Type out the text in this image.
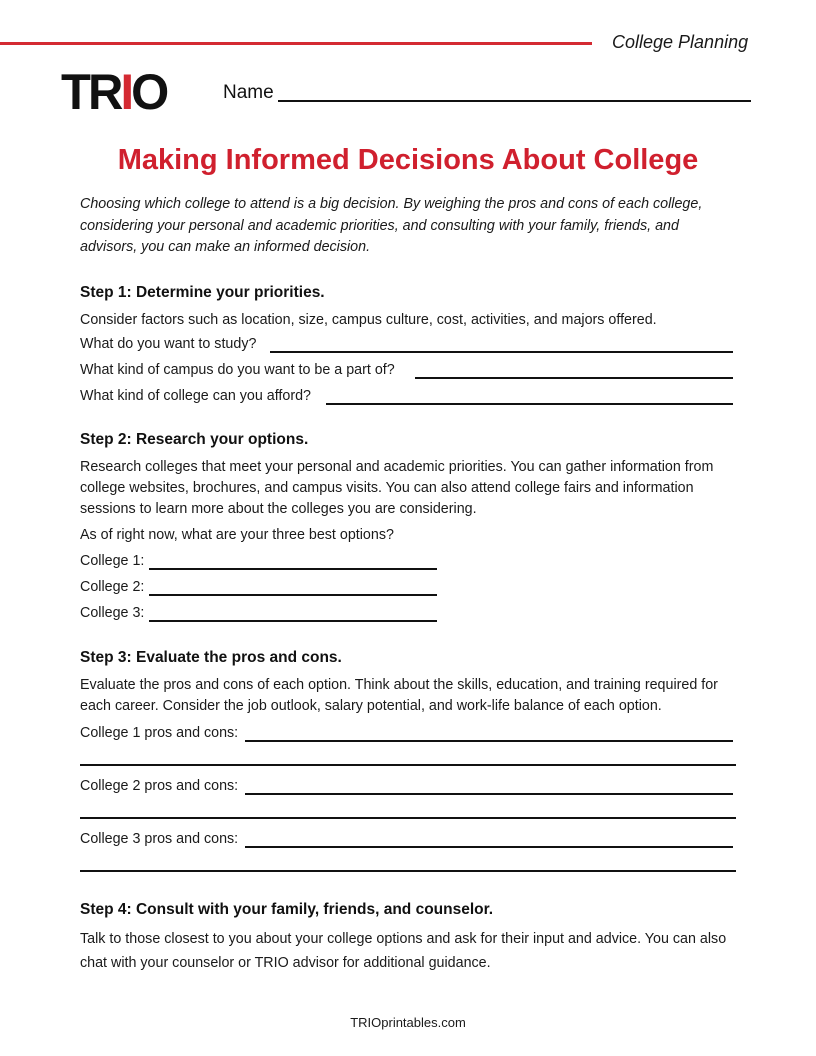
College Planning
TRIO	Name
Making Informed Decisions About College
Choosing which college to attend is a big decision. By weighing the pros and cons of each college, considering your personal and academic priorities, and consulting with your family, friends, and advisors, you can make an informed decision.
Step 1: Determine your priorities.
Consider factors such as location, size, campus culture, cost, activities, and majors offered.
What do you want to study?
What kind of campus do you want to be a part of?
What kind of college can you afford?
Step 2: Research your options.
Research colleges that meet your personal and academic priorities. You can gather information from college websites, brochures, and campus visits. You can also attend college fairs and information sessions to learn more about the colleges you are considering.
As of right now, what are your three best options?
College 1:
College 2:
College 3:
Step 3: Evaluate the pros and cons.
Evaluate the pros and cons of each option. Think about the skills, education, and training required for each career. Consider the job outlook, salary potential, and work-life balance of each option.
College 1 pros and cons:
College 2 pros and cons:
College 3 pros and cons:
Step 4: Consult with your family, friends, and counselor.
Talk to those closest to you about your college options and ask for their input and advice. You can also chat with your counselor or TRIO advisor for additional guidance.
TRIOprintables.com
